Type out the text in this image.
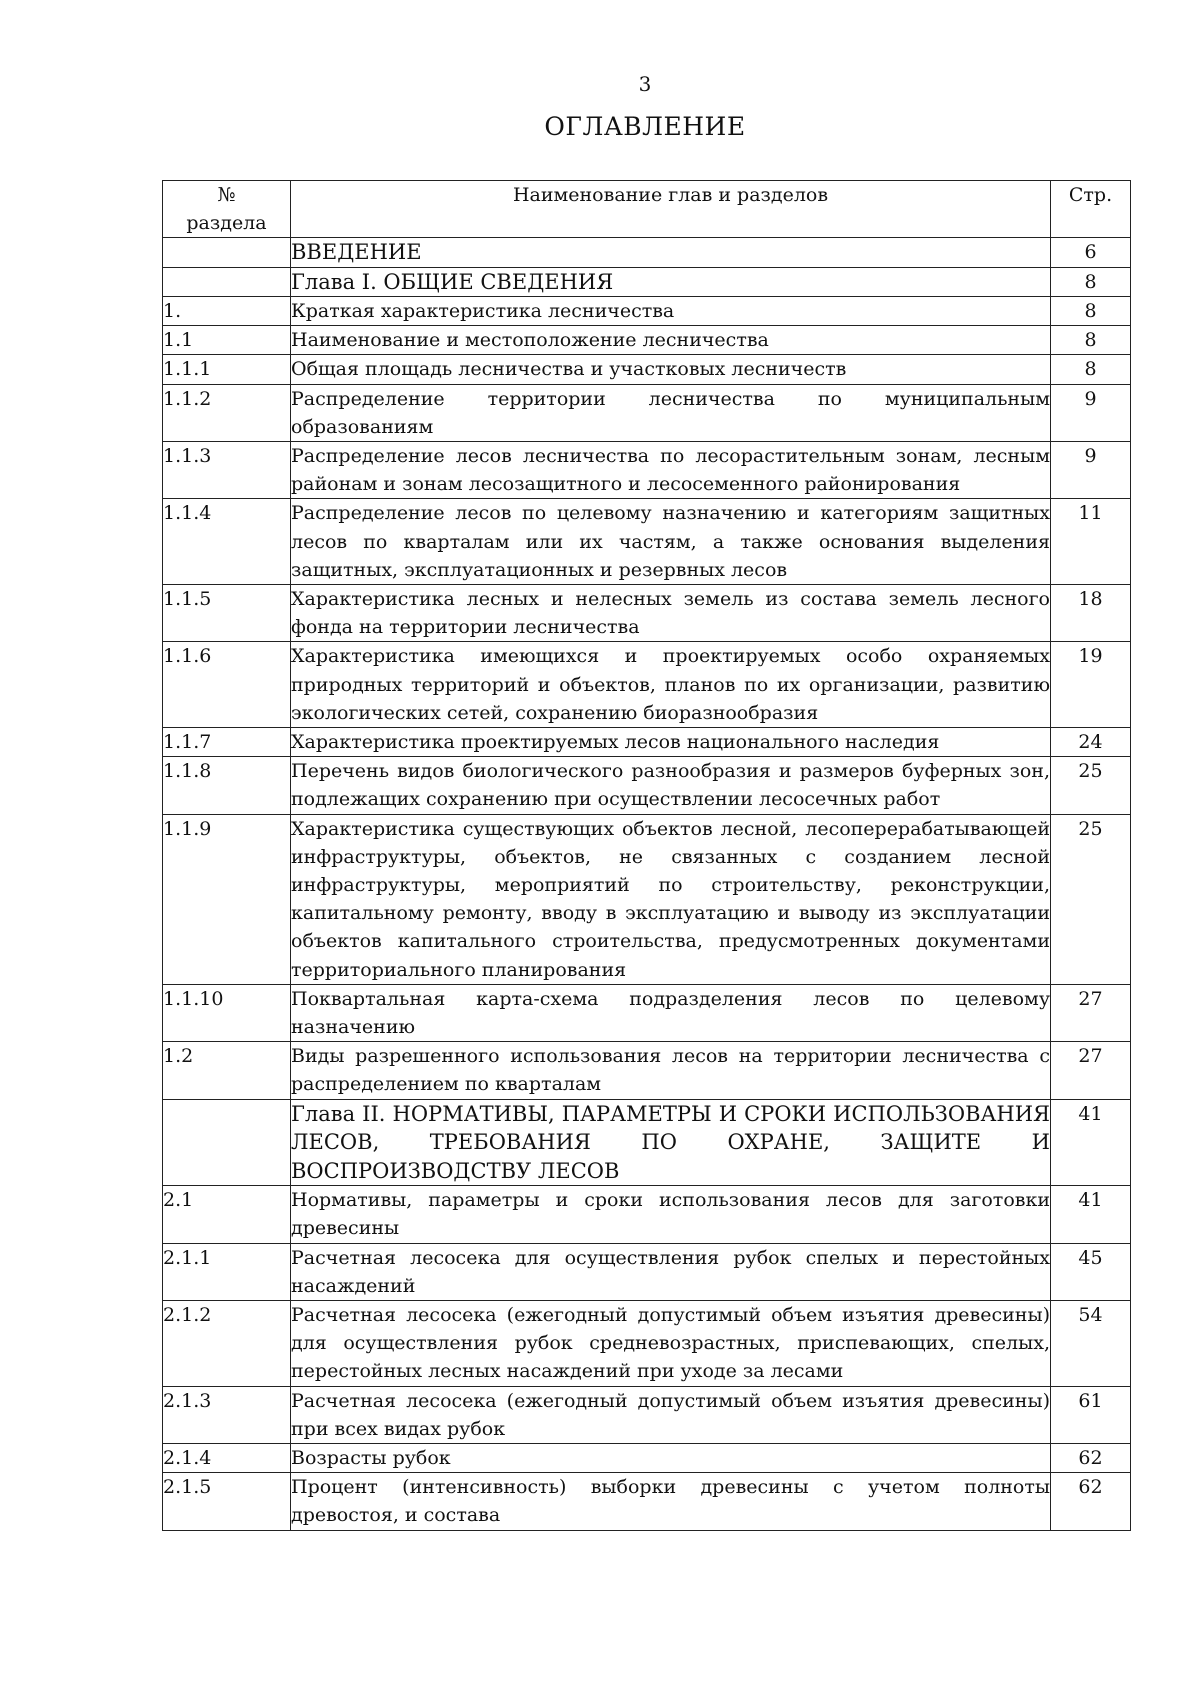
3
ОГЛАВЛЕНИЕ
№
раздела	Наименование глав и разделов	Стр.
	ВВЕДЕНИЕ	6
	Глава I. ОБЩИЕ СВЕДЕНИЯ	8
1.	Краткая характеристика лесничества	8
1.1	Наименование и местоположение лесничества	8
1.1.1	Общая площадь лесничества и участковых лесничеств	8
1.1.2	Распределение территории лесничества по муниципальным образованиям	9
1.1.3	Распределение лесов лесничества по лесорастительным зонам, лесным районам и зонам лесозащитного и лесосеменного районирования	9
1.1.4	Распределение лесов по целевому назначению и категориям защитных лесов по кварталам или их частям, а также основания выделения защитных, эксплуатационных и резервных лесов	11
1.1.5	Характеристика лесных и нелесных земель из состава земель лесного фонда на территории лесничества	18
1.1.6	Характеристика имеющихся и проектируемых особо охраняемых природных территорий и объектов, планов по их организации, развитию экологических сетей, сохранению биоразнообразия	19
1.1.7	Характеристика проектируемых лесов национального наследия	24
1.1.8	Перечень видов биологического разнообразия и размеров буферных зон, подлежащих сохранению при осуществлении лесосечных работ	25
1.1.9	Характеристика существующих объектов лесной, лесоперерабатывающей инфраструктуры, объектов, не связанных с созданием лесной инфраструктуры, мероприятий по строительству, реконструкции, капитальному ремонту, вводу в эксплуатацию и выводу из эксплуатации объектов капитального строительства, предусмотренных документами территориального планирования	25
1.1.10	Поквартальная карта-схема подразделения лесов по целевому назначению	27
1.2	Виды разрешенного использования лесов на территории лесничества с распределением по кварталам	27
	Глава II. НОРМАТИВЫ, ПАРАМЕТРЫ И СРОКИ ИСПОЛЬЗОВАНИЯ ЛЕСОВ, ТРЕБОВАНИЯ ПО ОХРАНЕ, ЗАЩИТЕ И ВОСПРОИЗВОДСТВУ ЛЕСОВ	41
2.1	Нормативы, параметры и сроки использования лесов для заготовки древесины	41
2.1.1	Расчетная лесосека для осуществления рубок спелых и перестойных насаждений	45
2.1.2	Расчетная лесосека (ежегодный допустимый объем изъятия древесины) для осуществления рубок средневозрастных, приспевающих, спелых, перестойных лесных насаждений при уходе за лесами	54
2.1.3	Расчетная лесосека (ежегодный допустимый объем изъятия древесины) при всех видах рубок	61
2.1.4	Возрасты рубок	62
2.1.5	Процент (интенсивность) выборки древесины с учетом полноты древостоя, и состава	62
